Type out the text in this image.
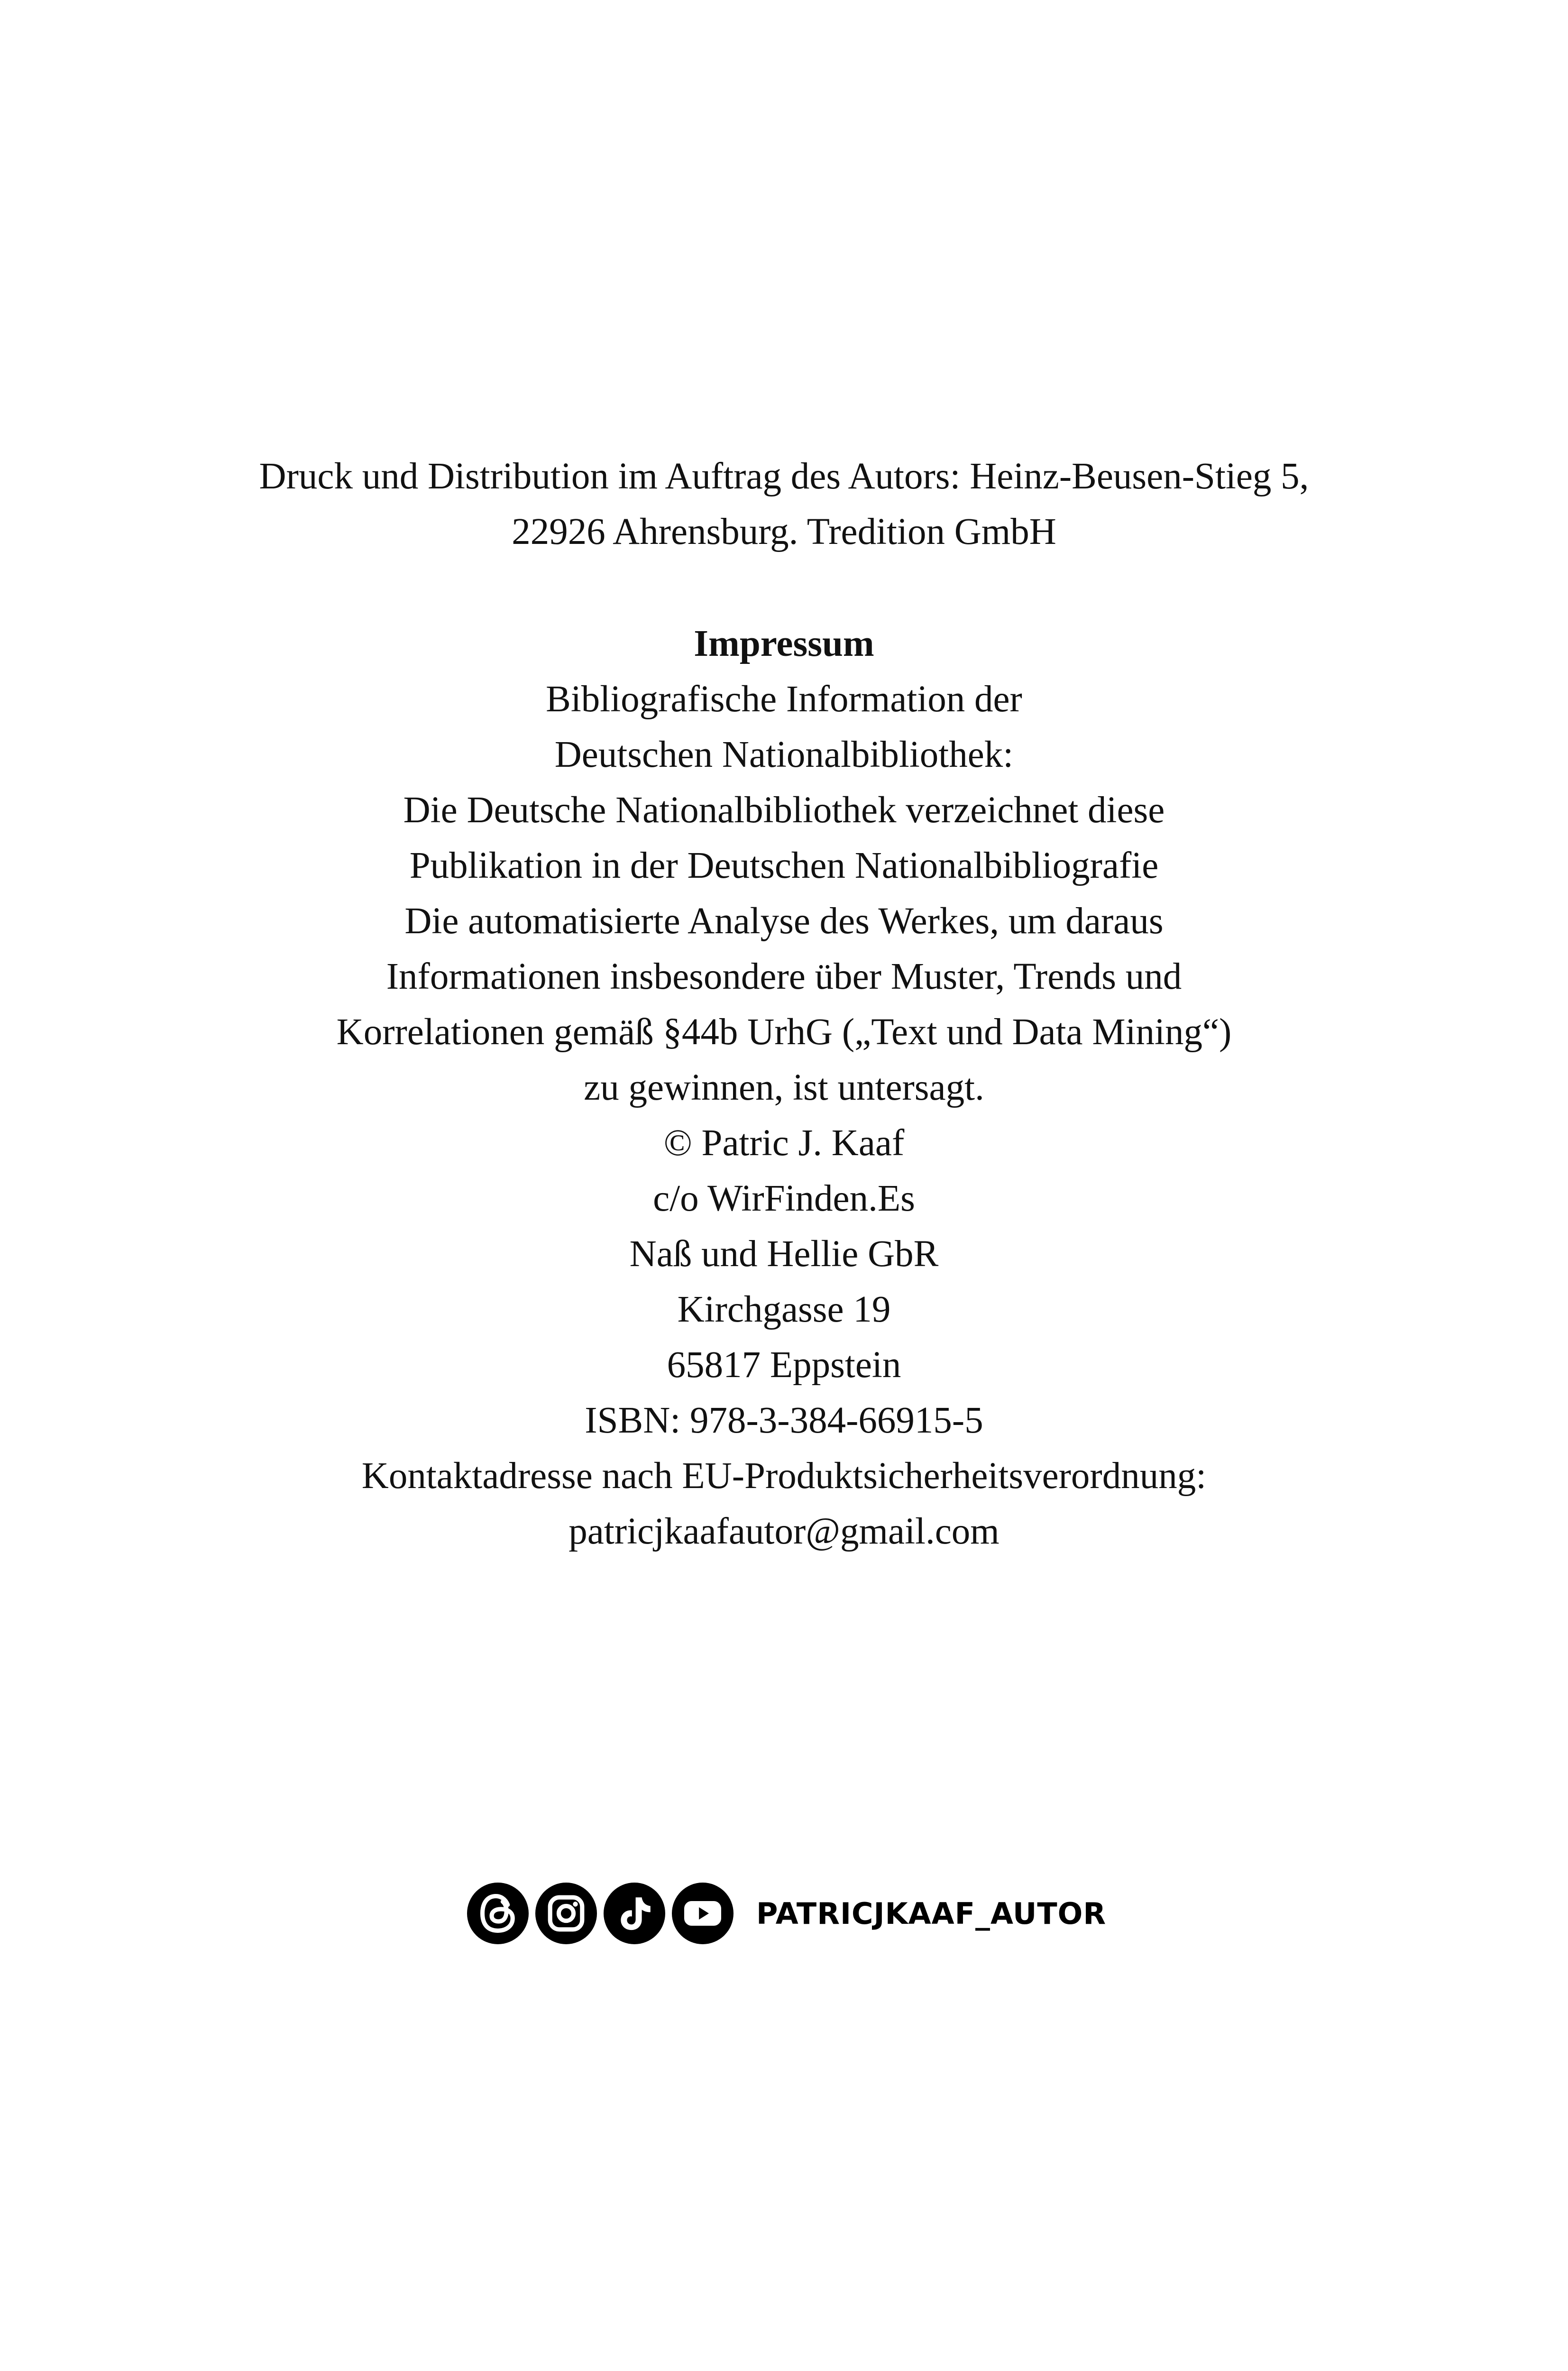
Druck und Distribution im Auftrag des Autors: Heinz-Beusen-Stieg 5,

22926 Ahrensburg. Tredition GmbH

Impressum

Bibliografische Information der

Deutschen Nationalbibliothek:

Die Deutsche Nationalbibliothek verzeichnet diese

Publikation in der Deutschen Nationalbibliografie

Die automatisierte Analyse des Werkes, um daraus

Informationen insbesondere über Muster, Trends und

Korrelationen gemäß §44b UrhG („Text und Data Mining“)

zu gewinnen, ist untersagt.

© Patric J. Kaaf

c/o WirFinden.Es

Naß und Hellie GbR

Kirchgasse 19

65817 Eppstein

ISBN: 978-3-384-66915-5

Kontaktadresse nach EU-Produktsicherheitsverordnung:

patricjkaafautor@gmail.com

PATRICJKAAF_AUTOR
